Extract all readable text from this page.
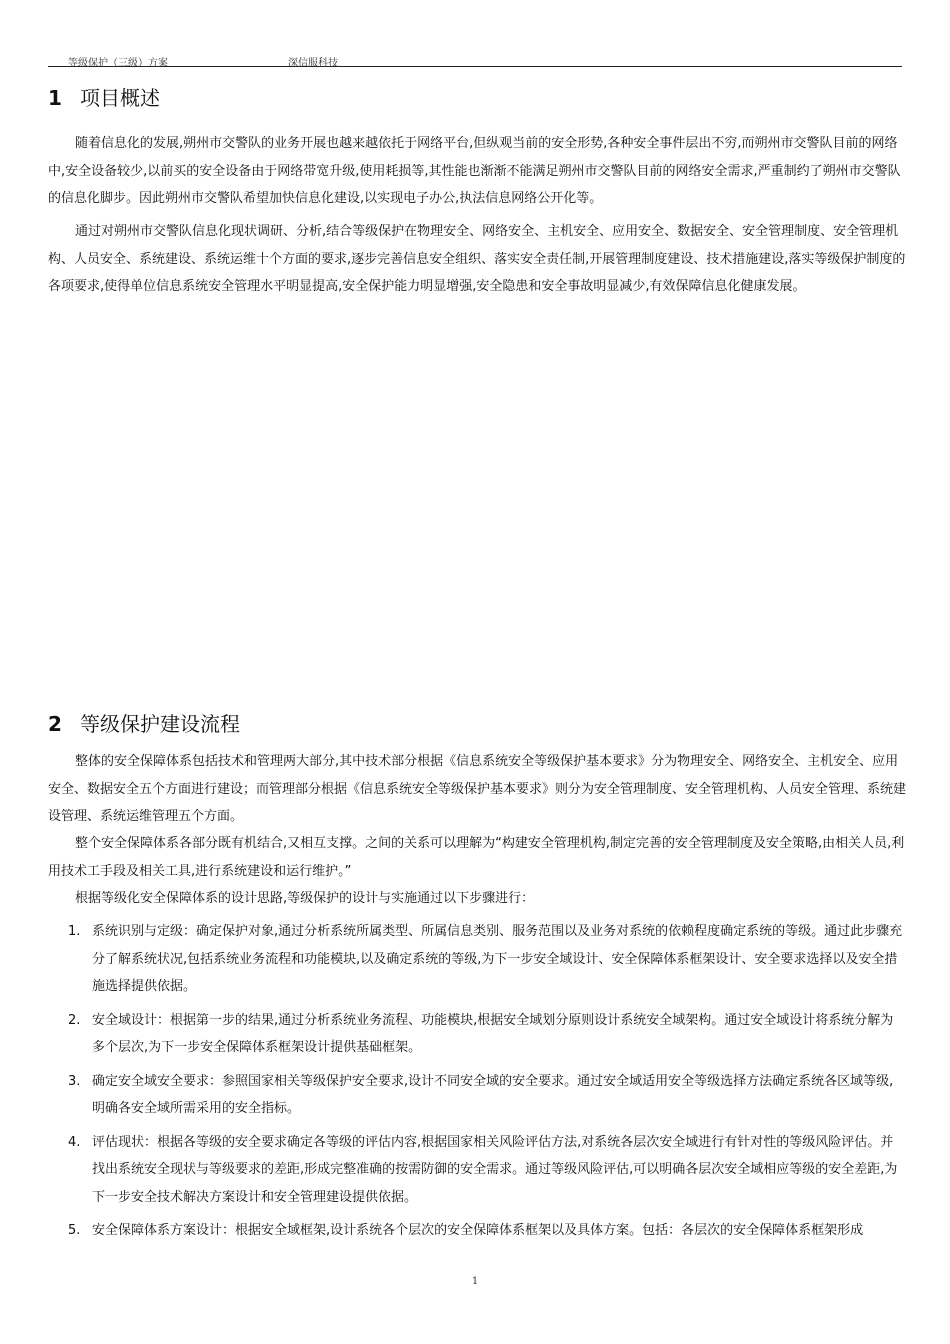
等级保护（三级）方案	深信服科技
1 项目概述

随着信息化的发展,朔州市交警队的业务开展也越来越依托于网络平台,但纵观当前的安全形势,各种安全事件层出不穷,而朔州市交警队目前的网络中,安全设备较少,以前买的安全设备由于网络带宽升级,使用耗损等,其性能也渐渐不能满足朔州市交警队目前的网络安全需求,严重制约了朔州市交警队的信息化脚步。因此朔州市交警队希望加快信息化建设,以实现电子办公,执法信息网络公开化等。

通过对朔州市交警队信息化现状调研、分析,结合等级保护在物理安全、网络安全、主机安全、应用安全、数据安全、安全管理制度、安全管理机构、人员安全、系统建设、系统运维十个方面的要求,逐步完善信息安全组织、落实安全责任制,开展管理制度建设、技术措施建设,落实等级保护制度的各项要求,使得单位信息系统安全管理水平明显提高,安全保护能力明显增强,安全隐患和安全事故明显减少,有效保障信息化健康发展。

2 等级保护建设流程

整体的安全保障体系包括技术和管理两大部分,其中技术部分根据《信息系统安全等级保护基本要求》分为物理安全、网络安全、主机安全、应用安全、数据安全五个方面进行建设；而管理部分根据《信息系统安全等级保护基本要求》则分为安全管理制度、安全管理机构、人员安全管理、系统建设管理、系统运维管理五个方面。

整个安全保障体系各部分既有机结合,又相互支撑。之间的关系可以理解为“构建安全管理机构,制定完善的安全管理制度及安全策略,由相关人员,利用技术工手段及相关工具,进行系统建设和运行维护。”

根据等级化安全保障体系的设计思路,等级保护的设计与实施通过以下步骤进行：

1. 系统识别与定级：确定保护对象,通过分析系统所属类型、所属信息类别、服务范围以及业务对系统的依赖程度确定系统的等级。通过此步骤充分了解系统状况,包括系统业务流程和功能模块,以及确定系统的等级,为下一步安全域设计、安全保障体系框架设计、安全要求选择以及安全措施选择提供依据。
2. 安全域设计：根据第一步的结果,通过分析系统业务流程、功能模块,根据安全域划分原则设计系统安全域架构。通过安全域设计将系统分解为多个层次,为下一步安全保障体系框架设计提供基础框架。
3. 确定安全域安全要求：参照国家相关等级保护安全要求,设计不同安全域的安全要求。通过安全域适用安全等级选择方法确定系统各区域等级,明确各安全域所需采用的安全指标。
4. 评估现状：根据各等级的安全要求确定各等级的评估内容,根据国家相关风险评估方法,对系统各层次安全域进行有针对性的等级风险评估。并找出系统安全现状与等级要求的差距,形成完整准确的按需防御的安全需求。通过等级风险评估,可以明确各层次安全域相应等级的安全差距,为下一步安全技术解决方案设计和安全管理建设提供依据。
5. 安全保障体系方案设计：根据安全域框架,设计系统各个层次的安全保障体系框架以及具体方案。包括：各层次的安全保障体系框架形成
1
